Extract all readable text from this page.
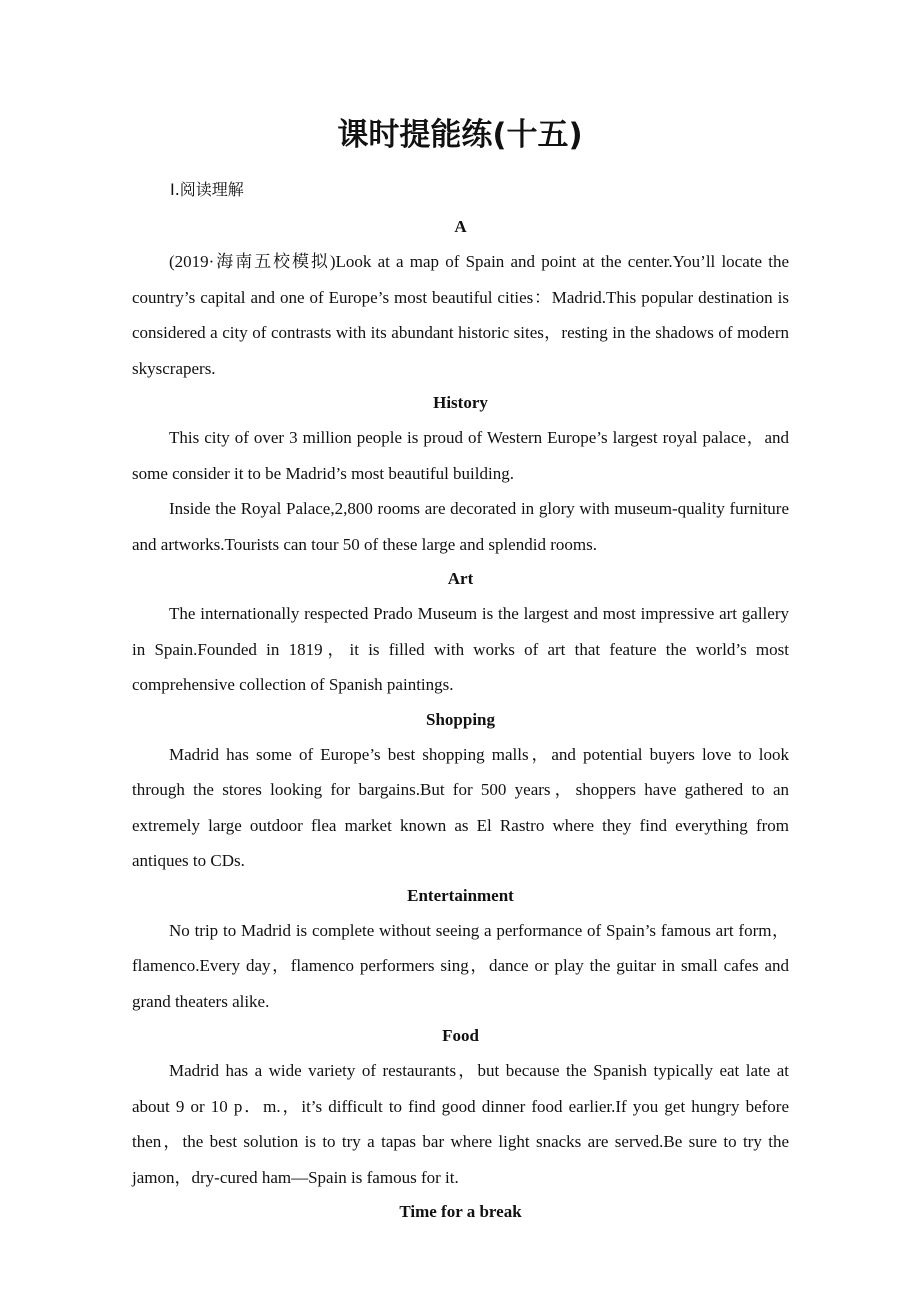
课时提能练(十五)
Ⅰ.阅读理解

A

(2019·海南五校模拟)Look at a map of Spain and point at the center.You’ll locate the country’s capital and one of Europe’s most beautiful cities：Madrid.This popular destination is considered a city of contrasts with its abundant historic sites，resting in the shadows of modern skyscrapers.

History

This city of over 3 million people is proud of Western Europe’s largest royal palace，and some consider it to be Madrid’s most beautiful building.

Inside the Royal Palace,2,800 rooms are decorated in glory with museum-quality furniture and artworks.Tourists can tour 50 of these large and splendid rooms.

Art

The internationally respected Prado Museum is the largest and most impressive art gallery in Spain.Founded in 1819，it is filled with works of art that feature the world’s most comprehensive collection of Spanish paintings.

Shopping

Madrid has some of Europe’s best shopping malls，and potential buyers love to look through the stores looking for bargains.But for 500 years，shoppers have gathered to an extremely large outdoor flea market known as El Rastro where they find everything from antiques to CDs.

Entertainment

No trip to Madrid is complete without seeing a performance of Spain’s famous art form，flamenco.Every day，flamenco performers sing，dance or play the guitar in small cafes and grand theaters alike.

Food

Madrid has a wide variety of restaurants，but because the Spanish typically eat late at about 9 or 10 p．m.，it’s difficult to find good dinner food earlier.If you get hungry before then，the best solution is to try a tapas bar where light snacks are served.Be sure to try the jamon，dry-cured ham—Spain is famous for it.

Time for a break
